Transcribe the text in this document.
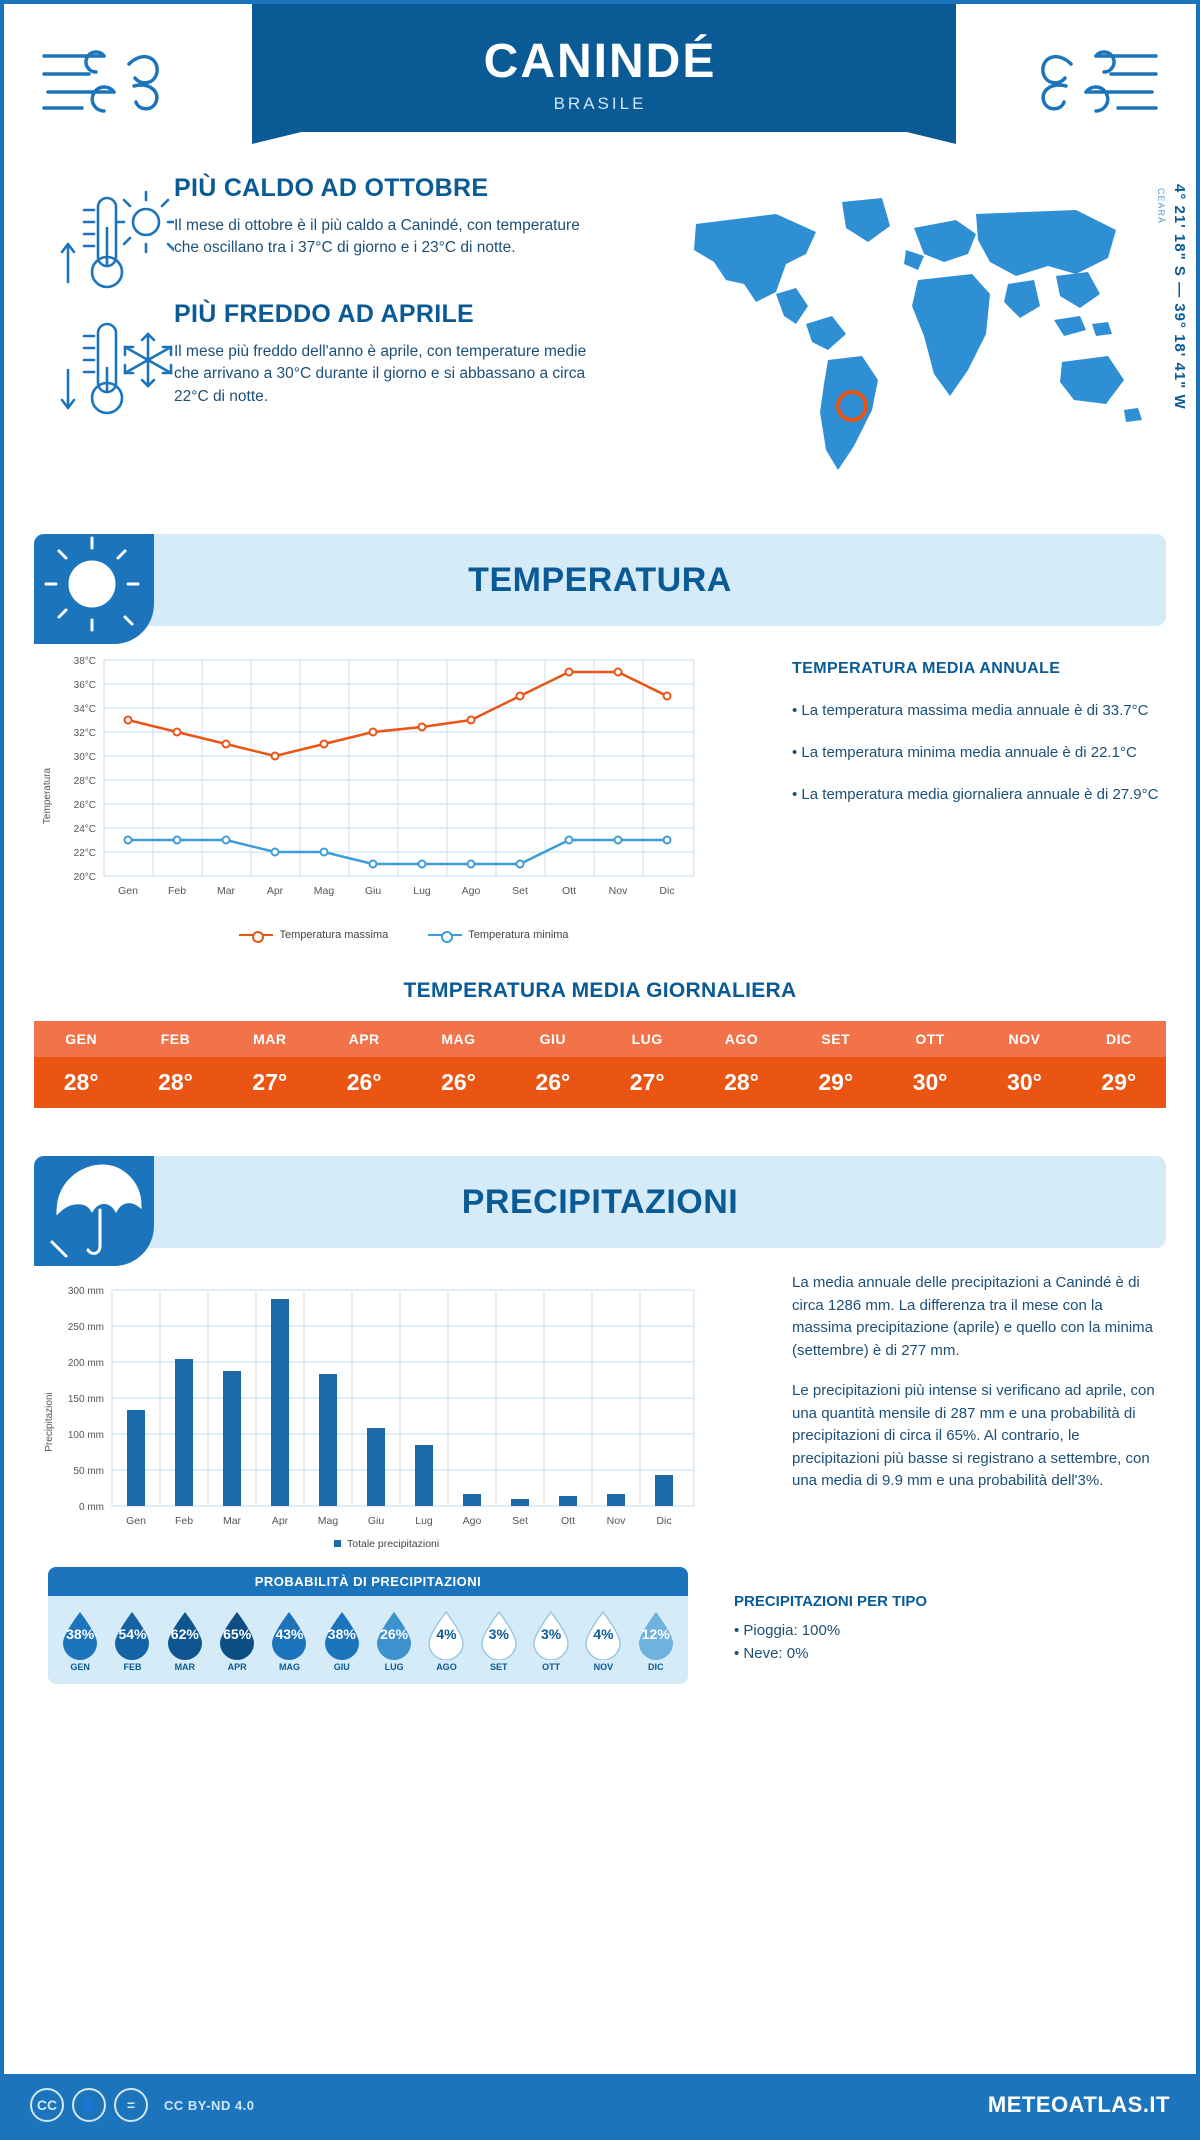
CANINDÉ
BRASILE
PIÙ CALDO AD OTTOBRE
Il mese di ottobre è il più caldo a Canindé, con temperature che oscillano tra i 37°C di giorno e i 23°C di notte.
PIÙ FREDDO AD APRILE
Il mese più freddo dell'anno è aprile, con temperature medie che arrivano a 30°C durante il giorno e si abbassano a circa 22°C di notte.	4° 21' 18" S — 39° 18' 41" W
CEARÁ
TEMPERATURA
Temperatura
38°C
36°C
34°C
32°C
30°C
28°C
26°C
24°C
22°C
20°C
Gen	Feb	Mar	Apr	Mag	Giu	Lug	Ago	Set	Ott	Nov	Dic
Temperatura massima	Temperatura minima
TEMPERATURA MEDIA ANNUALE
• La temperatura massima media annuale è di 33.7°C
• La temperatura minima media annuale è di 22.1°C
• La temperatura media giornaliera annuale è di 27.9°C
TEMPERATURA MEDIA GIORNALIERA
GEN	FEB	MAR	APR	MAG	GIU	LUG	AGO	SET	OTT	NOV	DIC
28°	28°	27°	26°	26°	26°	27°	28°	29°	30°	30°	29°
PRECIPITAZIONI
Precipitazioni
300 mm
250 mm
200 mm
150 mm
100 mm
50 mm
0 mm
Gen	Feb	Mar	Apr	Mag	Giu	Lug	Ago	Set	Ott	Nov	Dic
Totale precipitazioni

La media annuale delle precipitazioni a Canindé è di circa 1286 mm. La differenza tra il mese con la massima precipitazione (aprile) e quello con la minima (settembre) è di 277 mm.

Le precipitazioni più intense si verificano ad aprile, con una quantità mensile di 287 mm e una probabilità di precipitazioni di circa il 65%. Al contrario, le precipitazioni più basse si registrano a settembre, con una media di 9.9 mm e una probabilità dell'3%.

PROBABILITÀ DI PRECIPITAZIONI
38%
GEN
54%
FEB
62%
MAR
65%
APR
43%
MAG
38%
GIU
26%
LUG
4%
AGO
3%
SET
3%
OTT
4%
NOV
12%
DIC
PRECIPITAZIONI PER TIPO
• Pioggia: 100%
• Neve: 0%
CC	👤	=	CC BY-ND 4.0	METEOATLAS.IT
